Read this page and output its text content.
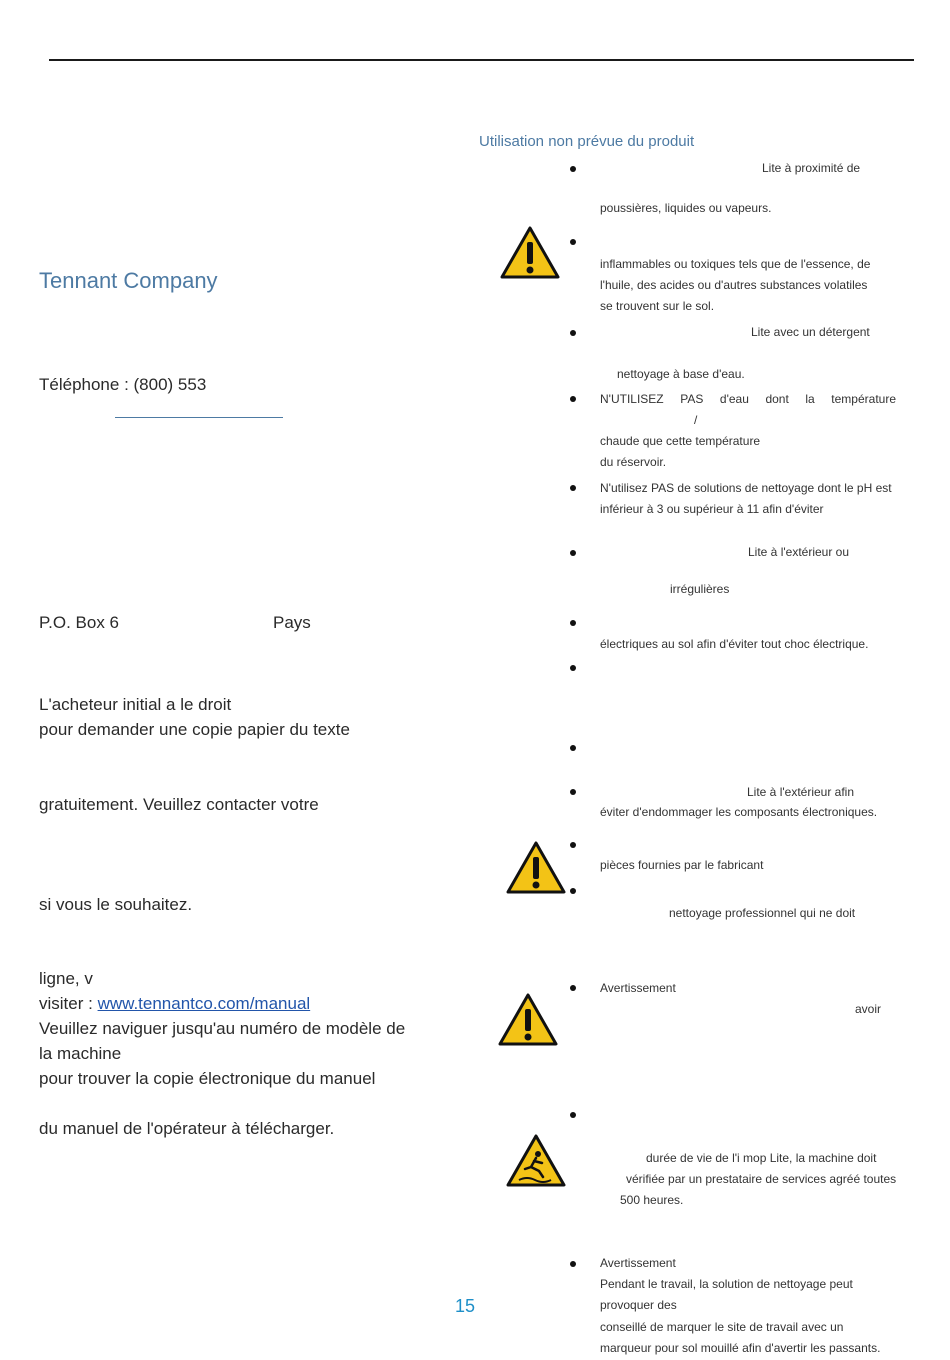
Tennant Company
Téléphone : (800) 553
P.O. Box 6	Pays
L'acheteur initial a le droit
pour demander une copie papier du texte
gratuitement. Veuillez contacter votre
si vous le souhaitez.
ligne, v
visiter : www.tennantco.com/manual
Veuillez naviguer jusqu'au numéro de modèle de
la machine
pour trouver la copie électronique du manuel
du manuel de l'opérateur à télécharger.
Utilisation non prévue du produit
Lite à proximité de
poussières, liquides ou vapeurs.
inflammables ou toxiques tels que de l'essence, de
l'huile, des acides ou d'autres substances volatiles
se trouvent sur le sol.
Lite avec un détergent
nettoyage à base d'eau.
N'UTILISEZ PAS d'eau dont la température
/
chaude que cette température
du réservoir.
N'utilisez PAS de solutions de nettoyage dont le pH est
inférieur à 3 ou supérieur à 11 afin d'éviter
Lite à l'extérieur ou
irrégulières
électriques au sol afin d'éviter tout choc électrique.
Lite à l'extérieur afin
éviter d'endommager les composants électroniques.
pièces fournies par le fabricant
nettoyage professionnel qui ne doit
Avertissement
avoir
durée de vie de l'i mop Lite, la machine doit
vérifiée par un prestataire de services agréé toutes
500 heures.
Avertissement
Pendant le travail, la solution de nettoyage peut
provoquer des
conseillé de marquer le site de travail avec un
marqueur pour sol mouillé afin d'avertir les passants.
15
